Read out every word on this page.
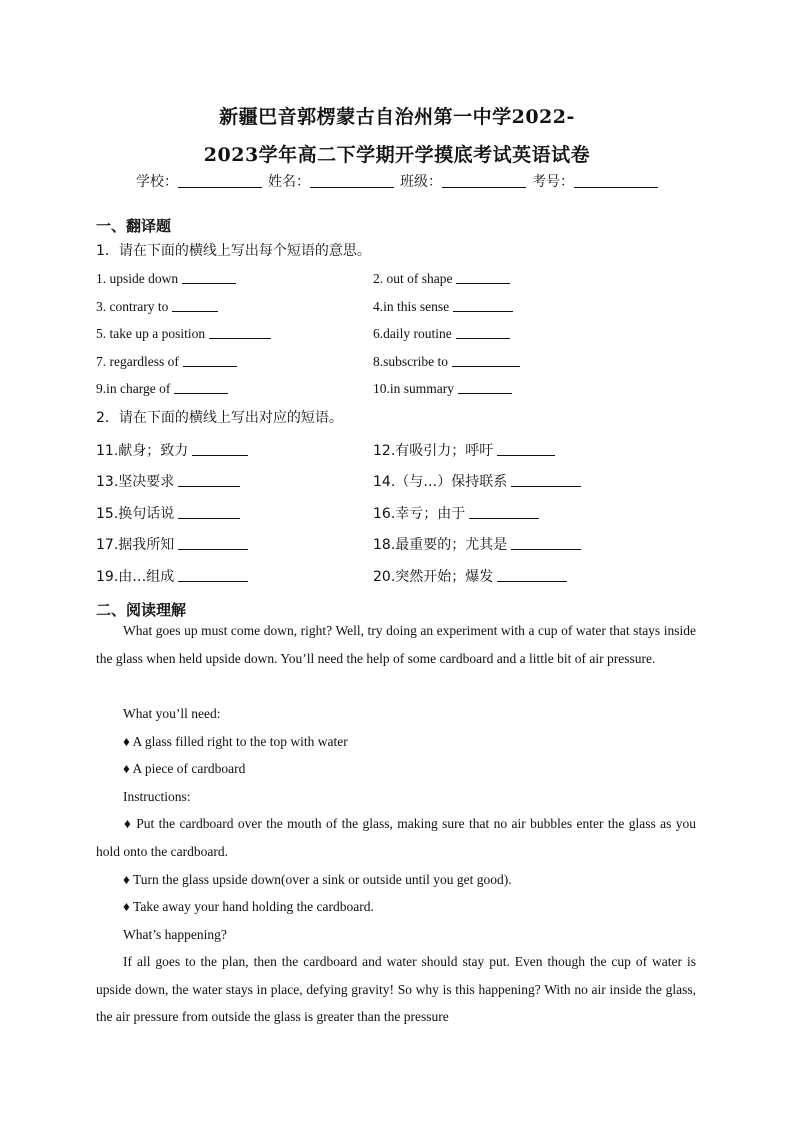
新疆巴音郭楞蒙古自治州第一中学2022-
2023学年高二下学期开学摸底考试英语试卷
学校：	姓名：	班级：	考号：
一、翻译题
1．请在下面的横线上写出每个短语的意思。
1. upside down	2. out of shape
3. contrary to	4.in this sense
5. take up a position	6.daily routine
7. regardless of	8.subscribe to
9.in charge of	10.in summary
2．请在下面的横线上写出对应的短语。
11.献身；致力	12.有吸引力；呼吁
13.坚决要求	14.（与…）保持联系
15.换句话说	16.幸亏；由于
17.据我所知	18.最重要的；尤其是
19.由…组成	20.突然开始；爆发
二、阅读理解
What goes up must come down, right? Well, try doing an experiment with a cup of water that stays inside the glass when held upside down. You’ll need the help of some cardboard and a little bit of air pressure.
What you’ll need:
♦ A glass filled right to the top with water
♦ A piece of cardboard
Instructions:
♦ Put the cardboard over the mouth of the glass, making sure that no air bubbles enter the glass as you hold onto the cardboard.
♦ Turn the glass upside down(over a sink or outside until you get good).
♦ Take away your hand holding the cardboard.
What’s happening?
If all goes to the plan, then the cardboard and water should stay put. Even though the cup of water is upside down, the water stays in place, defying gravity! So why is this happening? With no air inside the glass, the air pressure from outside the glass is greater than the pressure
